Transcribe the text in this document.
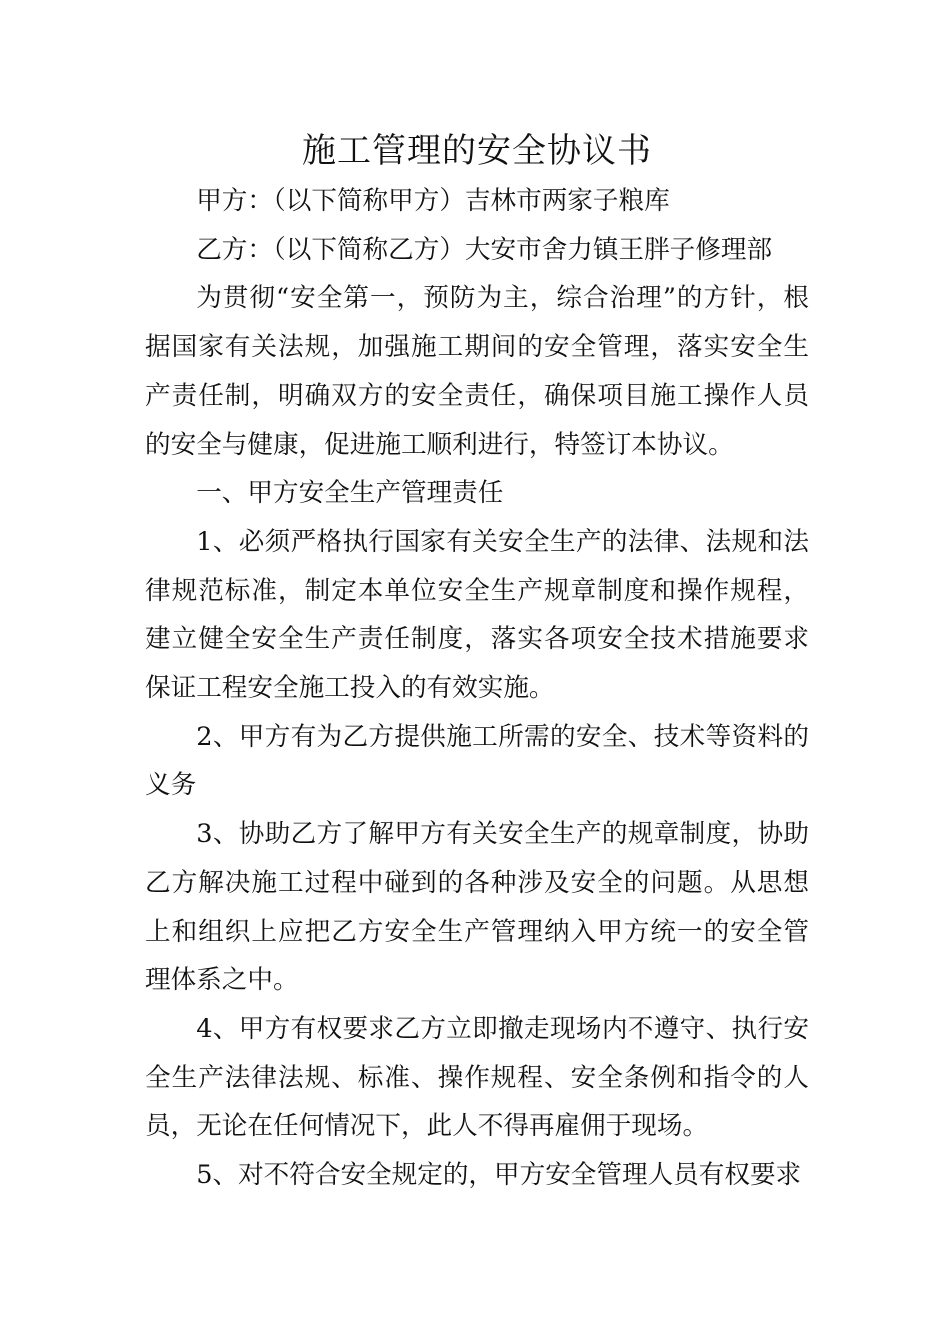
施工管理的安全协议书

甲方：（以下简称甲方）吉林市两家子粮库

乙方：（以下简称乙方）大安市舍力镇王胖子修理部

为贯彻“安全第一，预防为主，综合治理”的方针，根据国家有关法规，加强施工期间的安全管理，落实安全生产责任制，明确双方的安全责任，确保项目施工操作人员的安全与健康，促进施工顺利进行，特签订本协议。

一、甲方安全生产管理责任

1、必须严格执行国家有关安全生产的法律、法规和法律规范标准，制定本单位安全生产规章制度和操作规程，建立健全安全生产责任制度，落实各项安全技术措施要求保证工程安全施工投入的有效实施。

2、甲方有为乙方提供施工所需的安全、技术等资料的义务

3、协助乙方了解甲方有关安全生产的规章制度，协助乙方解决施工过程中碰到的各种涉及安全的问题。从思想上和组织上应把乙方安全生产管理纳入甲方统一的安全管理体系之中。

4、甲方有权要求乙方立即撤走现场内不遵守、执行安全生产法律法规、标准、操作规程、安全条例和指令的人员，无论在任何情况下，此人不得再雇佣于现场。

5、对不符合安全规定的，甲方安全管理人员有权要求
